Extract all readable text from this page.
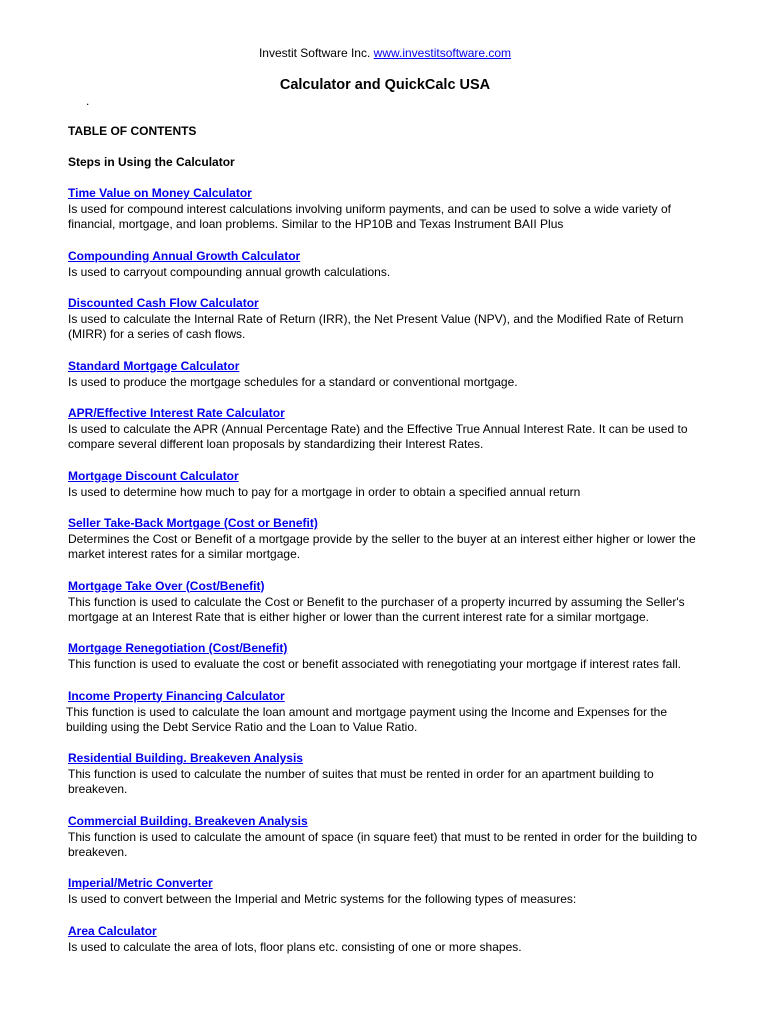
Investit Software Inc. www.investitsoftware.com
Calculator and QuickCalc USA
.
TABLE OF CONTENTS
Steps in Using the Calculator
Time Value on Money Calculator

Is used for compound interest calculations involving uniform payments, and can be used to solve a wide variety of financial, mortgage, and loan problems. Similar to the HP10B and Texas Instrument BAII Plus

Compounding Annual Growth Calculator

Is used to carryout compounding annual growth calculations.

Discounted Cash Flow Calculator

Is used to calculate the Internal Rate of Return (IRR), the Net Present Value (NPV), and the Modified Rate of Return (MIRR) for a series of cash flows.

Standard Mortgage Calculator

Is used to produce the mortgage schedules for a standard or conventional mortgage.

APR/Effective Interest Rate Calculator

Is used to calculate the APR (Annual Percentage Rate) and the Effective True Annual Interest Rate. It can be used to compare several different loan proposals by standardizing their Interest Rates.

Mortgage Discount Calculator

Is used to determine how much to pay for a mortgage in order to obtain a specified annual return

Seller Take-Back Mortgage (Cost or Benefit)

Determines the Cost or Benefit of a mortgage provide by the seller to the buyer at an interest either higher or lower the market interest rates for a similar mortgage.

Mortgage Take Over (Cost/Benefit)

This function is used to calculate the Cost or Benefit to the purchaser of a property incurred by assuming the Seller's mortgage at an Interest Rate that is either higher or lower than the current interest rate for a similar mortgage.

Mortgage Renegotiation (Cost/Benefit)

This function is used to evaluate the cost or benefit associated with renegotiating your mortgage if interest rates fall.

Income Property Financing Calculator

This function is used to calculate the loan amount and mortgage payment using the Income and Expenses for the building using the Debt Service Ratio and the Loan to Value Ratio.

Residential Building. Breakeven Analysis

This function is used to calculate the number of suites that must be rented in order for an apartment building to breakeven.

Commercial Building. Breakeven Analysis

This function is used to calculate the amount of space (in square feet) that must to be rented in order for the building to breakeven.

Imperial/Metric Converter

Is used to convert between the Imperial and Metric systems for the following types of measures:

Area Calculator

Is used to calculate the area of lots, floor plans etc. consisting of one or more shapes.
